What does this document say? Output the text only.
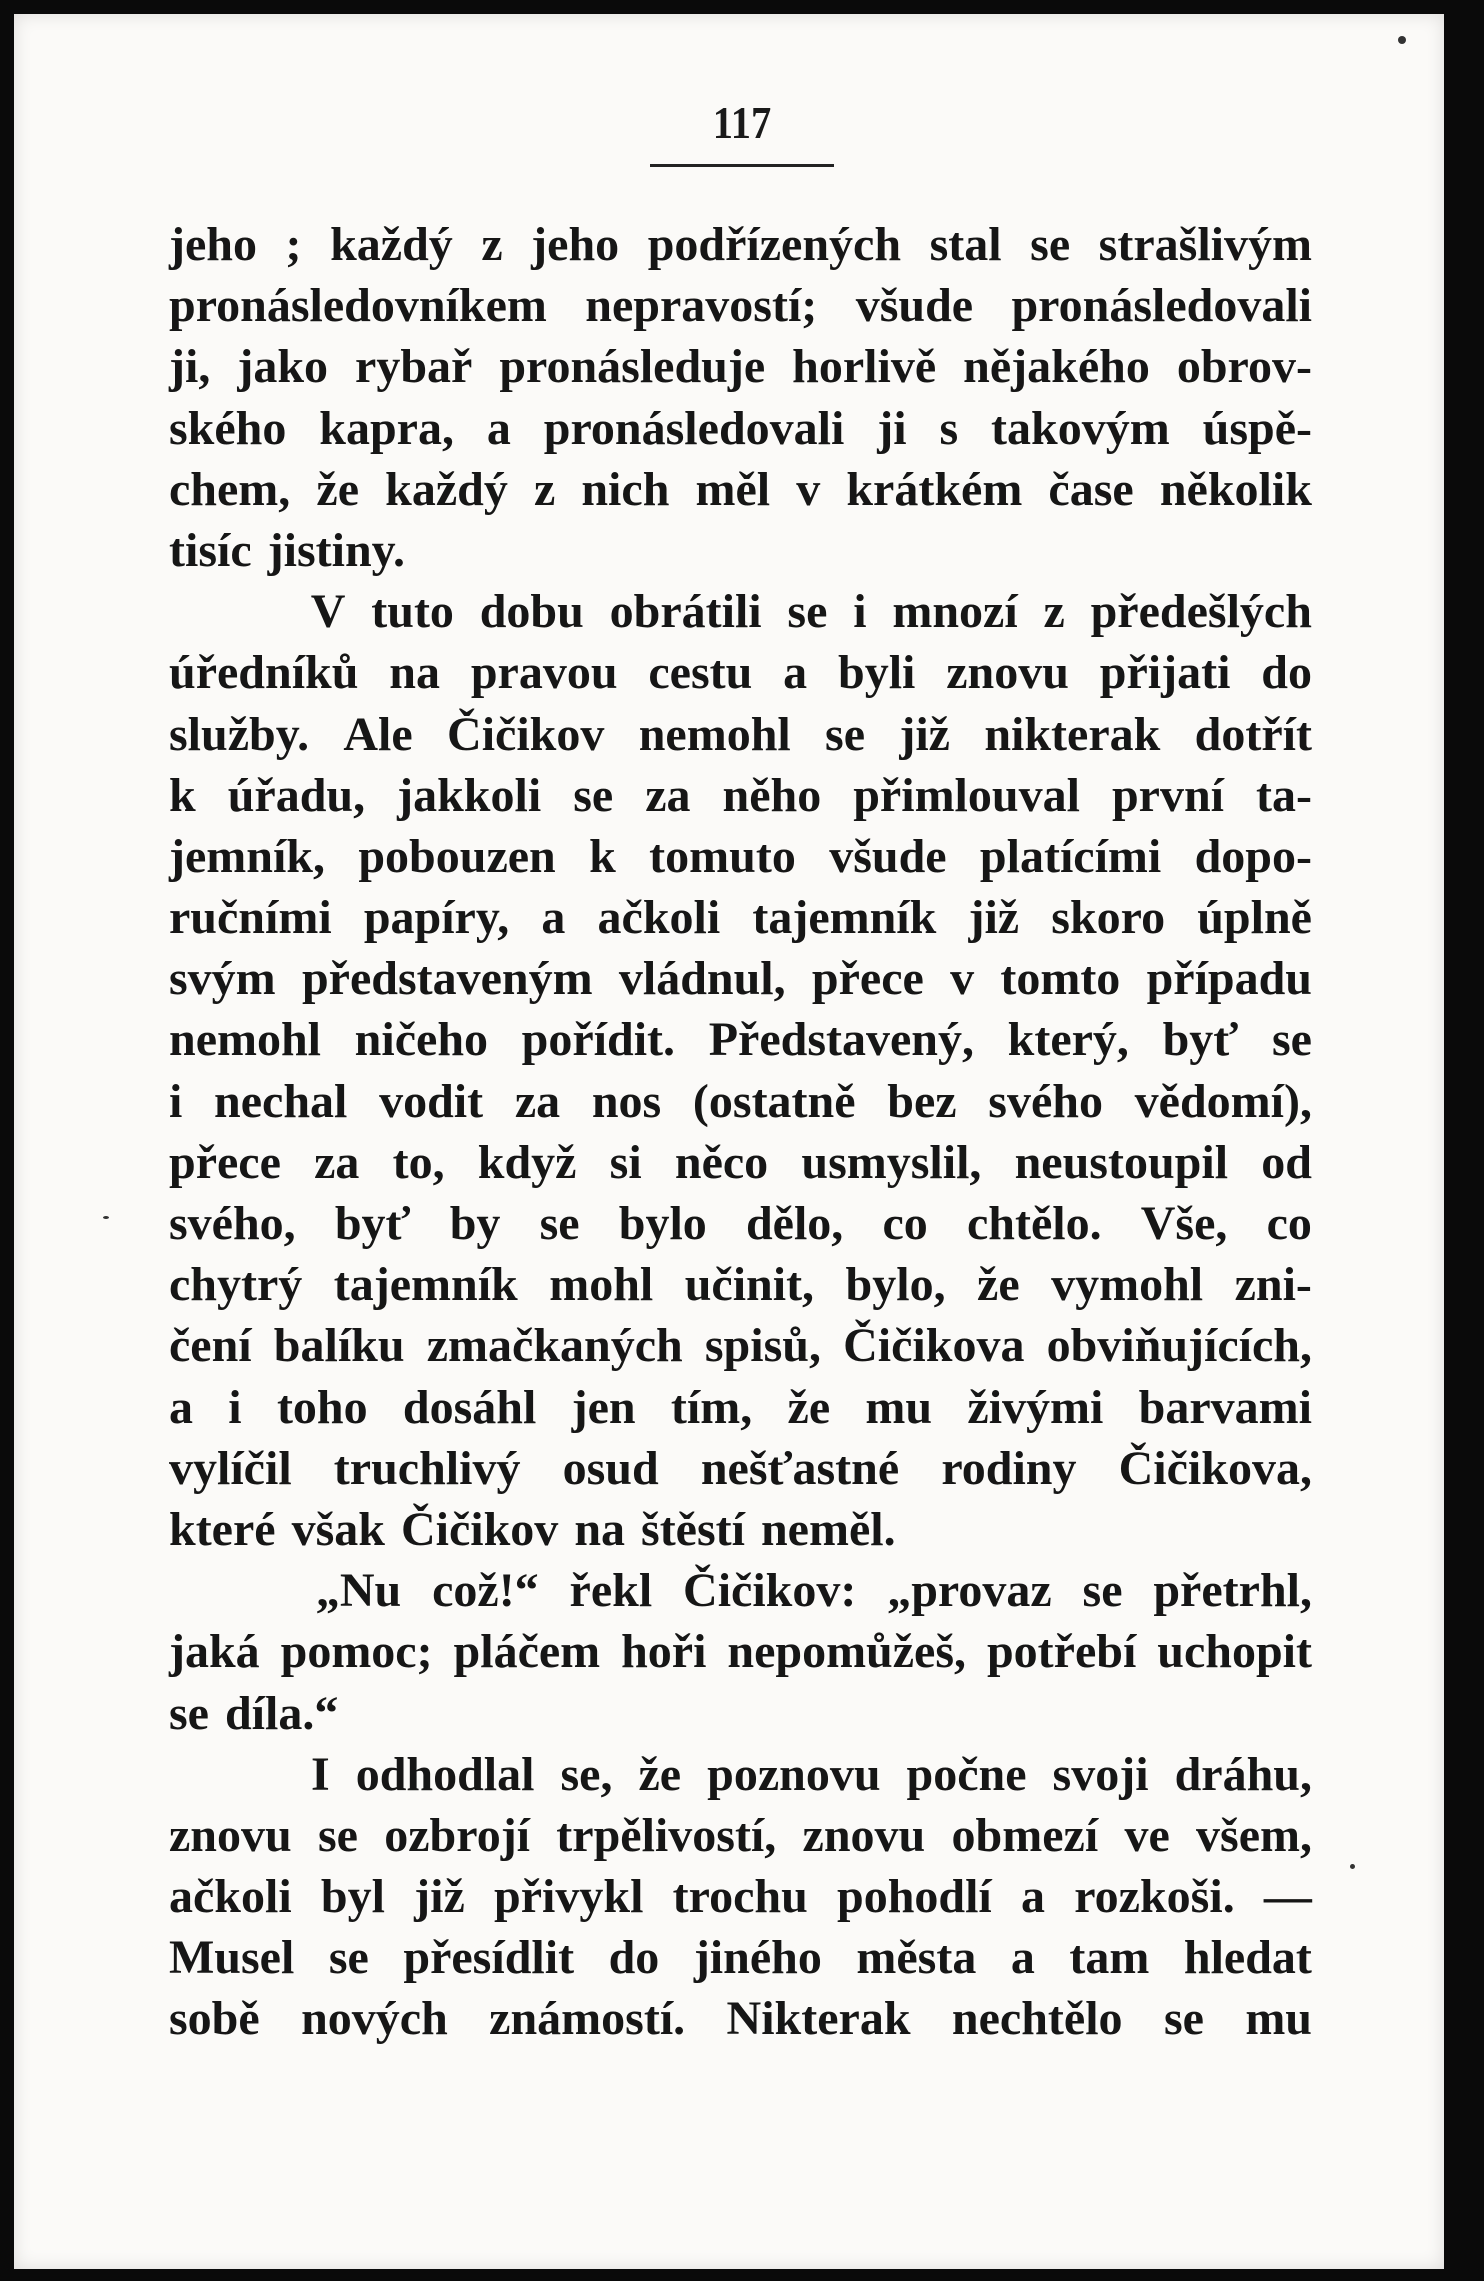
117
jeho ; každý z jeho podřízených stal se strašlivým
pronásledovníkem nepravostí; všude pronásledovali
ji, jako rybař pronásleduje horlivě nějakého obrov-
ského kapra, a pronásledovali ji s takovým úspě-
chem, že každý z nich měl v krátkém čase několik
tisíc jistiny.
V tuto dobu obrátili se i mnozí z předešlých
úředníků na pravou cestu a byli znovu přijati do
služby. Ale Čičikov nemohl se již nikterak dotřít
k úřadu, jakkoli se za něho přimlouval první ta-
jemník, pobouzen k tomuto všude platícími dopo-
ručními papíry, a ačkoli tajemník již skoro úplně
svým představeným vládnul, přece v tomto případu
nemohl ničeho pořídit. Představený, který, byť se
i nechal vodit za nos (ostatně bez svého vědomí),
přece za to, když si něco usmyslil, neustoupil od
svého, byť by se bylo dělo, co chtělo. Vše, co
chytrý tajemník mohl učinit, bylo, že vymohl zni-
čení balíku zmačkaných spisů, Čičikova obviňujících,
a i toho dosáhl jen tím, že mu živými barvami
vylíčil truchlivý osud nešťastné rodiny Čičikova,
které však Čičikov na štěstí neměl.
„Nu což!“ řekl Čičikov: „provaz se přetrhl,
jaká pomoc; pláčem hoři nepomůžeš, potřebí uchopit
se díla.“
I odhodlal se, že poznovu počne svoji dráhu,
znovu se ozbrojí trpělivostí, znovu obmezí ve všem,
ačkoli byl již přivykl trochu pohodlí a rozkoši. —
Musel se přesídlit do jiného města a tam hledat
sobě nových známostí. Nikterak nechtělo se mu
